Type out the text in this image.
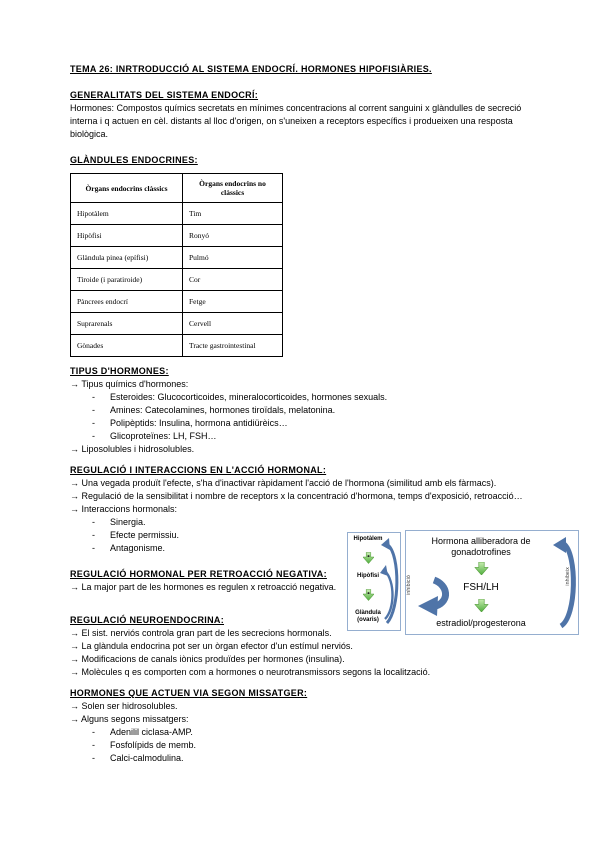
TEMA 26: INRTRODUCCIÓ AL SISTEMA ENDOCRÍ. HORMONES HIPOFISIÀRIES.
GENERALITATS DEL SISTEMA ENDOCRÍ:
Hormones: Compostos químics secretats en mínimes concentracions al corrent sanguini x glàndulles de secreció interna i q actuen en cèl. distants al lloc d'origen, on s'uneixen a receptors específics i produeixen una resposta biològica.
GLÀNDULES ENDOCRINES:
Òrgans endocrins clàssics	Òrgans endocrins no clàssics
Hipotàlem	Tim
Hipòfisi	Ronyó
Glàndula pinea (epífisi)	Pulmó
Tiroide (i paratiroide)	Cor
Pàncrees endocrí	Fetge
Suprarenals	Cervell
Gònades	Tracte gastrointestinal
TIPUS D'HORMONES:
→ Tipus químics d'hormones:
-	Esteroides: Glucocorticoides, mineralocorticoides, hormones sexuals.
-	Amines: Catecolamines, hormones tiroïdals, melatonina.
-	Polipèptids: Insulina, hormona antidiürèics…
-	Glicoproteïnes: LH, FSH…
→ Liposolubles i hidrosolubles.
REGULACIÓ I INTERACCIONS EN L'ACCIÓ HORMONAL:
→ Una vegada produït l'efecte, s'ha d'inactivar ràpidament l'acció de l'hormona (similitud amb els fàrmacs).
→ Regulació de la sensibilitat i nombre de receptors x la concentració d'hormona, temps d'exposició, retroacció…
→ Interaccions hormonals:
-	Sinergia.
-	Efecte permissiu.
-	Antagonisme.
REGULACIÓ HORMONAL PER RETROACCIÓ NEGATIVA:
→ La major part de les hormones es regulen x retroacció negativa.
REGULACIÓ NEUROENDOCRINA:
→ El sist. nerviós controla gran part de les secrecions hormonals.
→ La glàndula endocrina pot ser un òrgan efector d'un estímul nerviós.
→ Modificacions de canals iònics produïdes per hormones (insulina).
→ Molècules q es comporten com a hormones o neurotransmissors segons la localització.
HORMONES QUE ACTUEN VIA SEGON MISSATGER:
→ Solen ser hidrosolubles.
→ Alguns segons missatgers:
-	Adenilil ciclasa-AMP.
-	Fosfolípids de memb.
-	Calci-calmodulina.
Hipotàlem
Hipòfisi
Glàndula (ovaris)
Hormona alliberadora de gonadotrofines
FSH/LH
estradiol/progesterona
inhibeix
inhibició
